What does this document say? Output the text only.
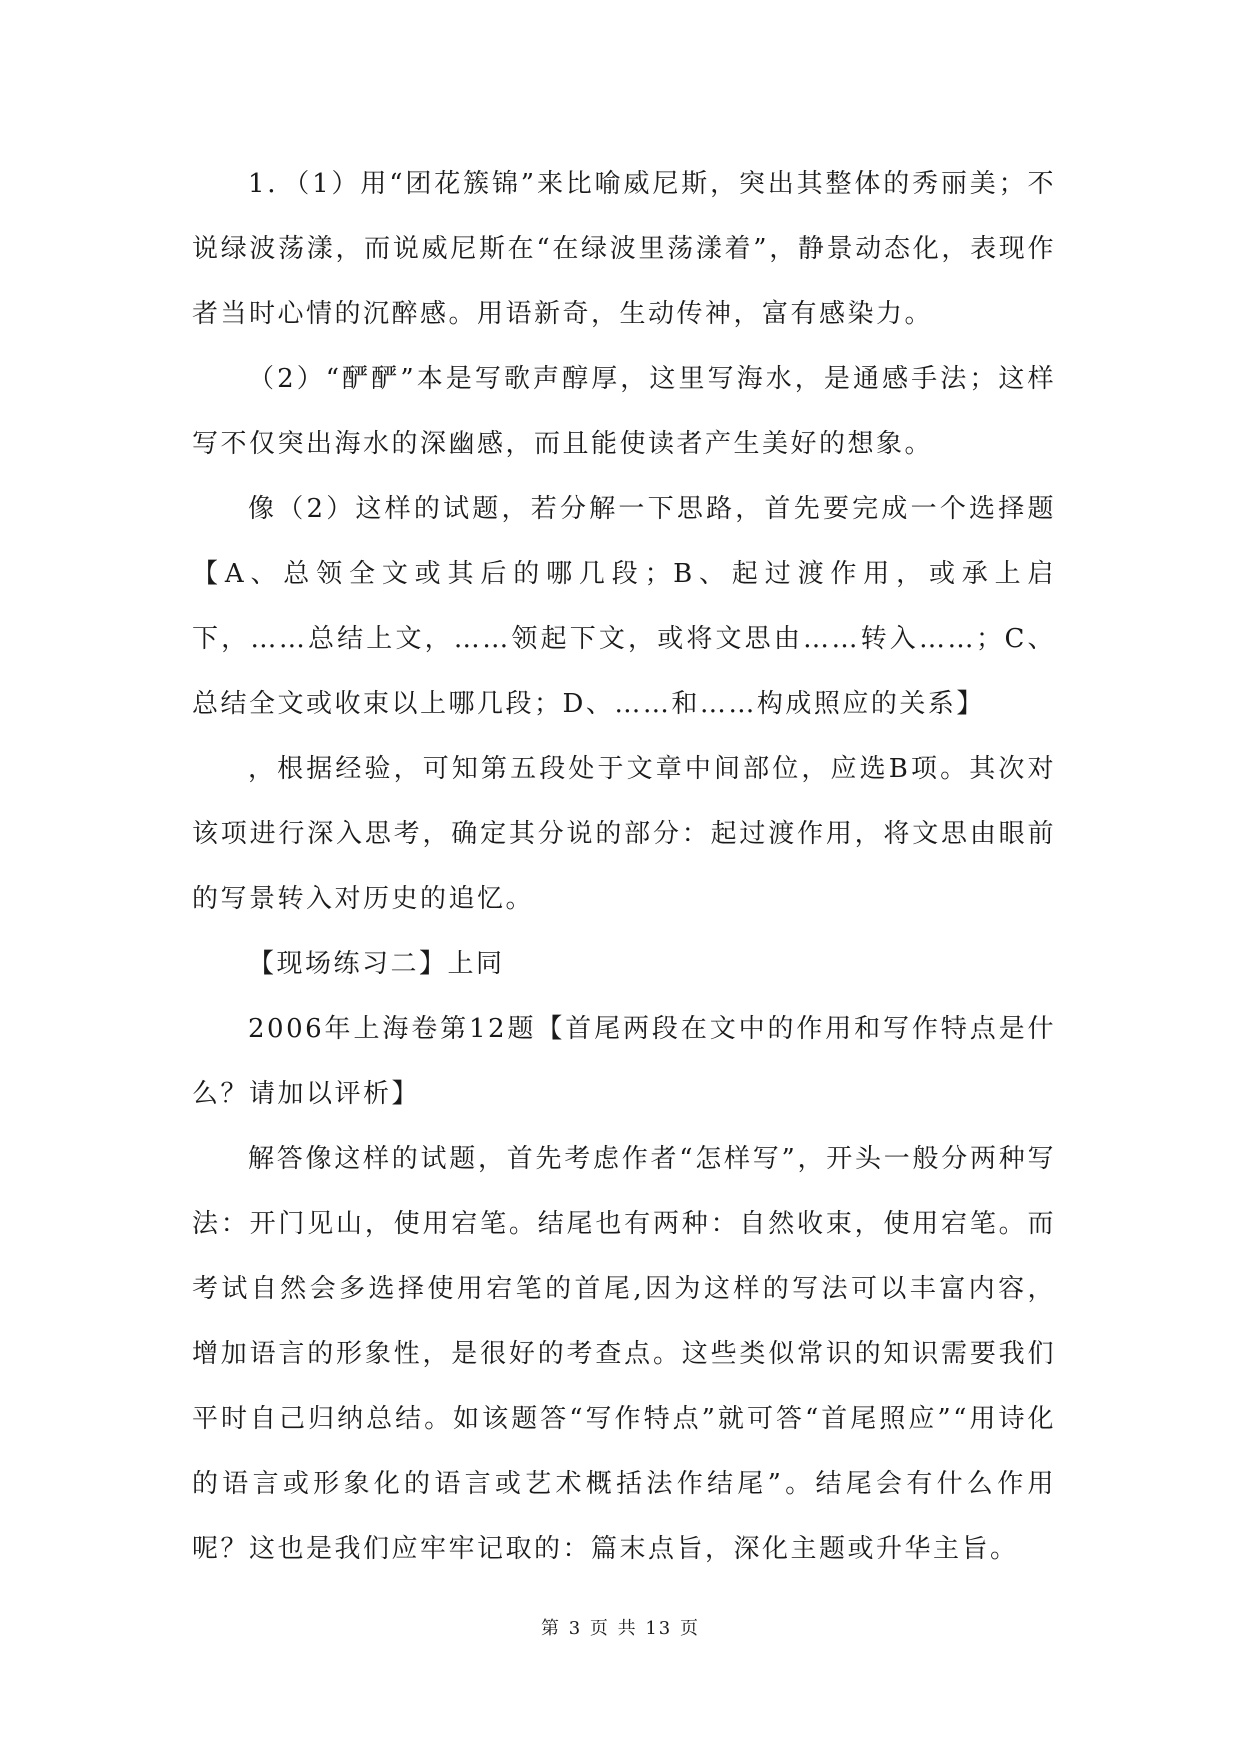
1．（1）用“团花簇锦”来比喻威尼斯，突出其整体的秀丽美；不说绿波荡漾，而说威尼斯在“在绿波里荡漾着”，静景动态化，表现作者当时心情的沉醉感。用语新奇，生动传神，富有感染力。

（2）“酽酽”本是写歌声醇厚，这里写海水，是通感手法；这样写不仅突出海水的深幽感，而且能使读者产生美好的想象。

像（2）这样的试题，若分解一下思路，首先要完成一个选择题【A、总领全文或其后的哪几段；B、起过渡作用，或承上启下，……总结上文，……领起下文，或将文思由……转入……；C、总结全文或收束以上哪几段；D、……和……构成照应的关系】

，根据经验，可知第五段处于文章中间部位，应选B项。其次对该项进行深入思考，确定其分说的部分：起过渡作用，将文思由眼前的写景转入对历史的追忆。

【现场练习二】上同

2006年上海卷第12题【首尾两段在文中的作用和写作特点是什么？请加以评析】

解答像这样的试题，首先考虑作者“怎样写”，开头一般分两种写法：开门见山，使用宕笔。结尾也有两种：自然收束，使用宕笔。而考试自然会多选择使用宕笔的首尾,因为这样的写法可以丰富内容，增加语言的形象性，是很好的考查点。这些类似常识的知识需要我们平时自己归纳总结。如该题答“写作特点”就可答“首尾照应”“用诗化的语言或形象化的语言或艺术概括法作结尾”。结尾会有什么作用呢？这也是我们应牢牢记取的：篇末点旨，深化主题或升华主旨。

第 3 页 共 13 页
